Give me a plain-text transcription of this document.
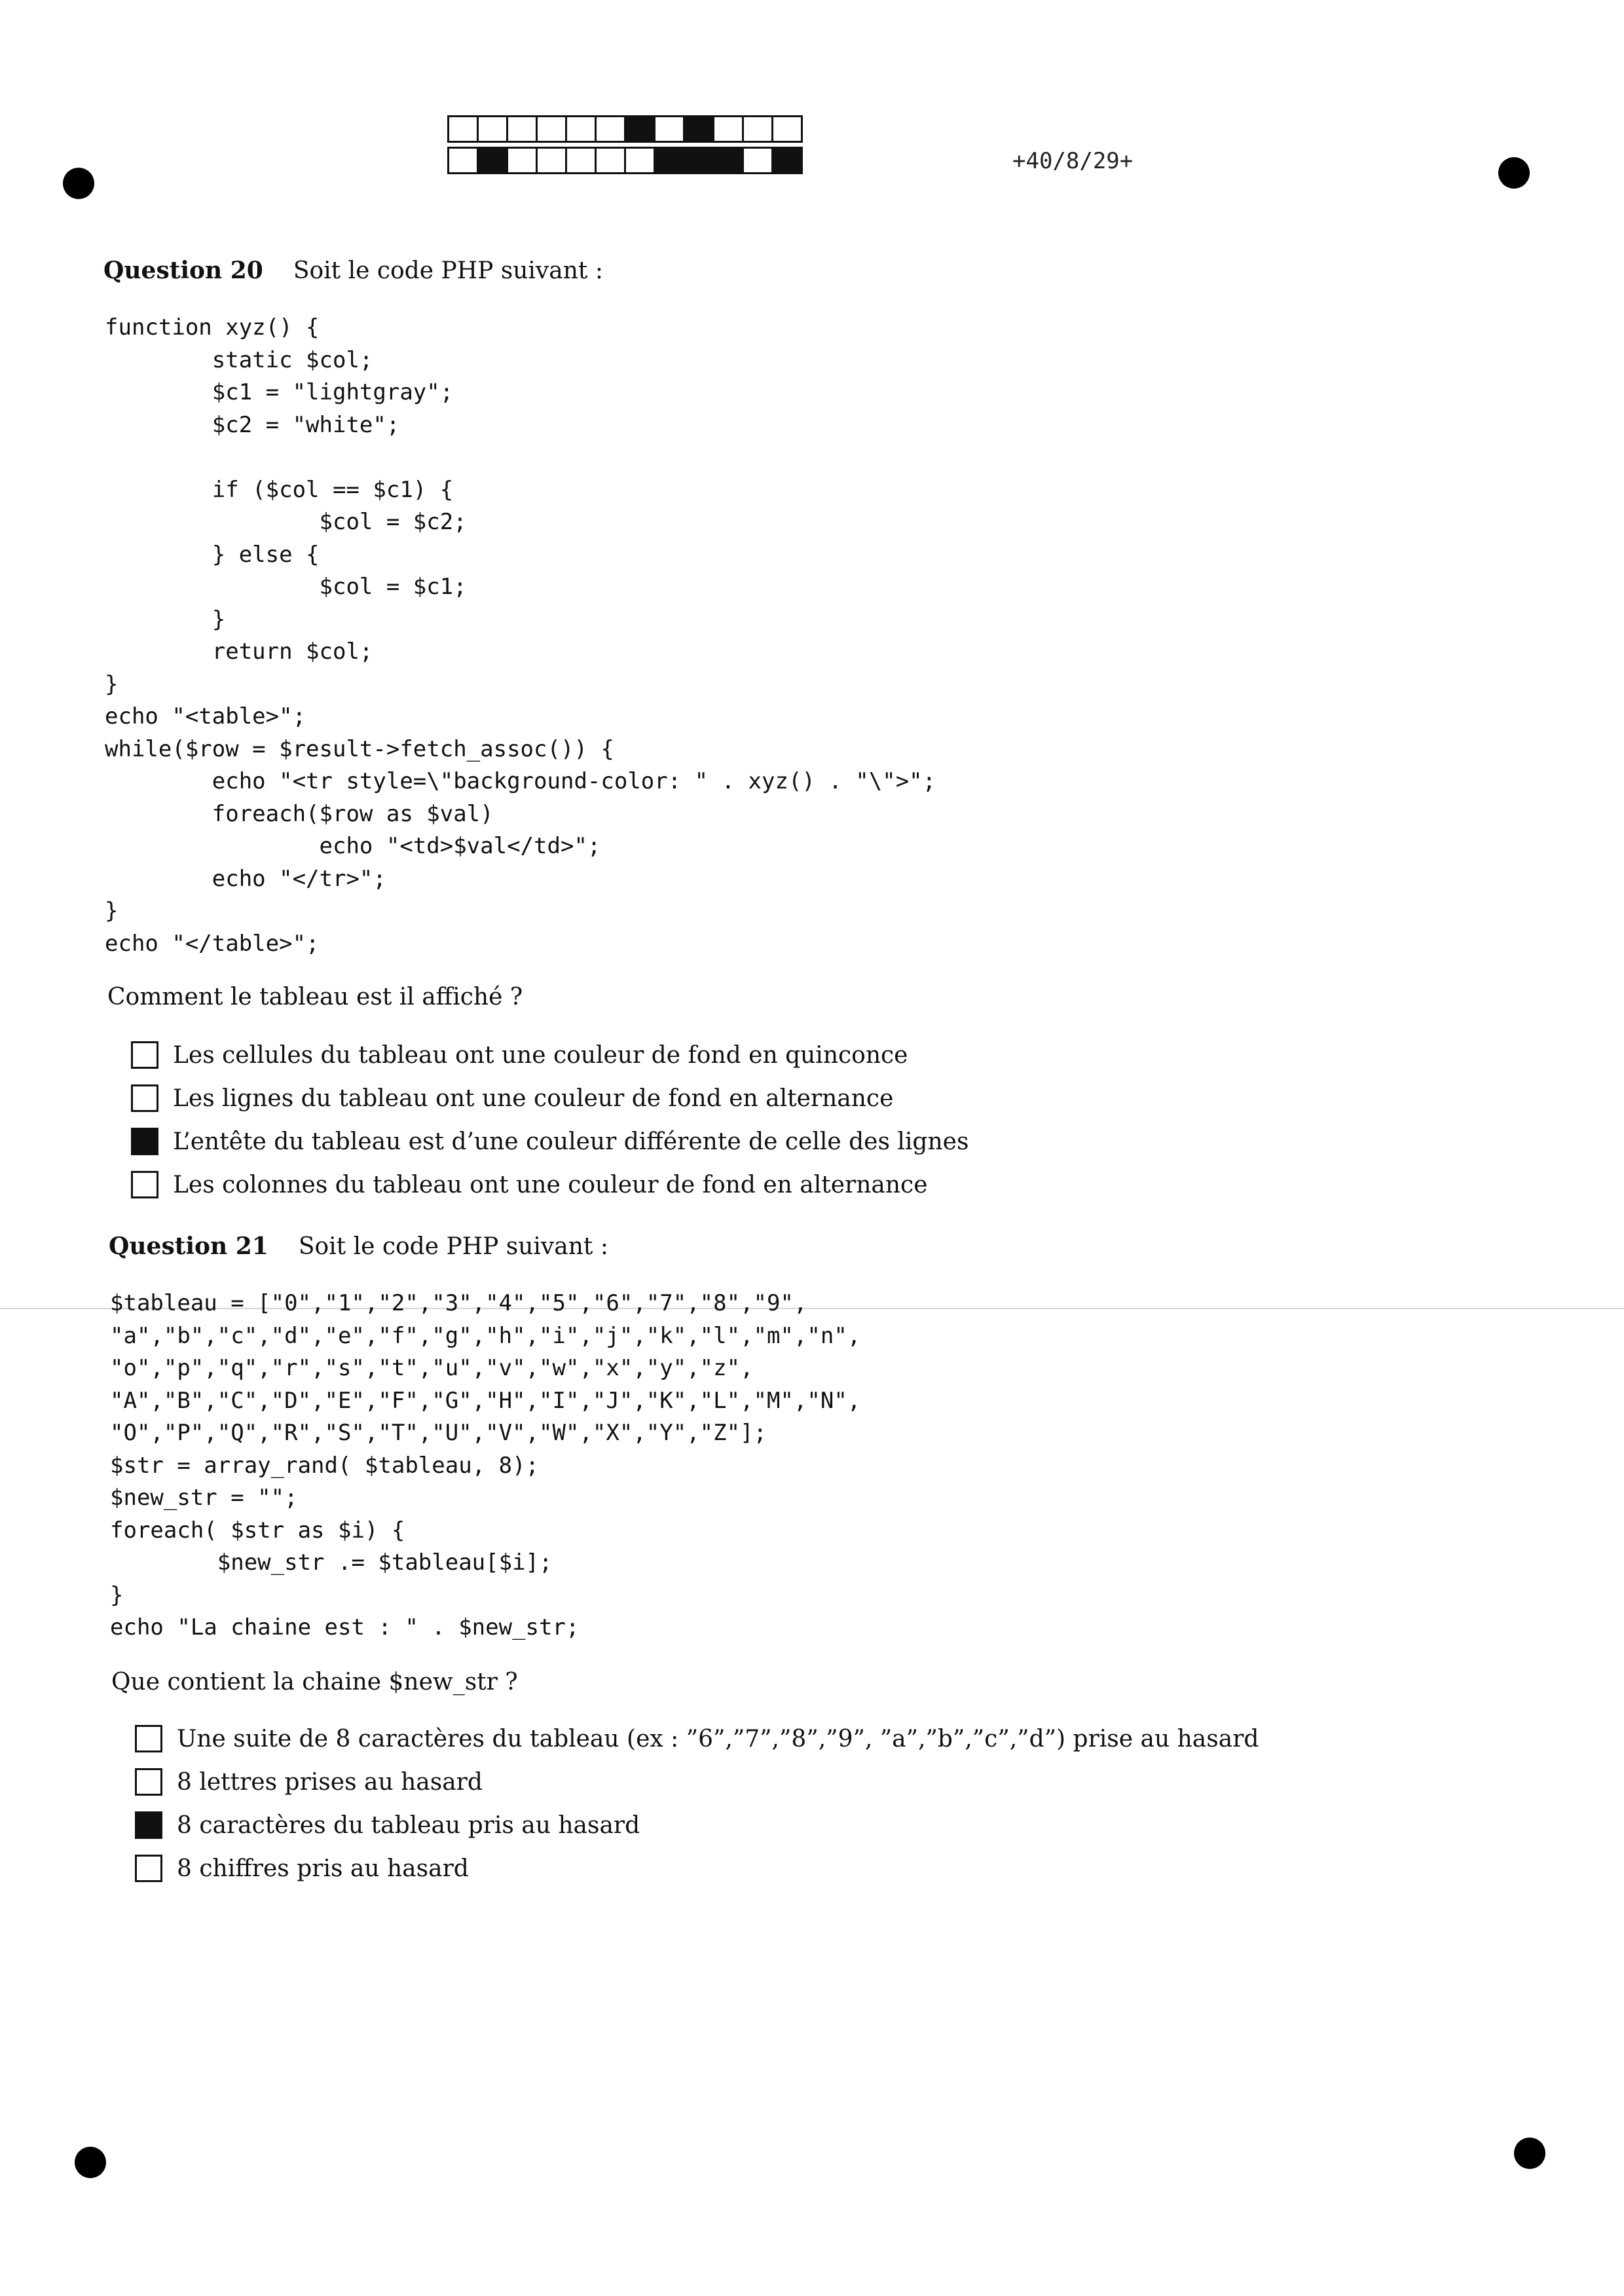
+40/8/29+
Question 20 Soit le code PHP suivant :
function xyz() {
static $col;
$c1 = "lightgray";
$c2 = "white";

if ($col == $c1) {
$col = $c2;
} else {
$col = $c1;
}
return $col;
}
echo "<table>";
while($row = $result->fetch_assoc()) {
echo "<tr style=\"background-color: " . xyz() . "\">";
foreach($row as $val)
echo "<td>$val</td>";
echo "</tr>";
}
echo "</table>";
Comment le tableau est il affiché ?
Les cellules du tableau ont une couleur de fond en quinconce
Les lignes du tableau ont une couleur de fond en alternance
L’entête du tableau est d’une couleur différente de celle des lignes
Les colonnes du tableau ont une couleur de fond en alternance
Question 21 Soit le code PHP suivant :
$tableau = ["0","1","2","3","4","5","6","7","8","9",
"a","b","c","d","e","f","g","h","i","j","k","l","m","n",
"o","p","q","r","s","t","u","v","w","x","y","z",
"A","B","C","D","E","F","G","H","I","J","K","L","M","N",
"O","P","Q","R","S","T","U","V","W","X","Y","Z"];
$str = array_rand( $tableau, 8);
$new_str = "";
foreach( $str as $i) {
$new_str .= $tableau[$i];
}
echo "La chaine est : " . $new_str;
Que contient la chaine $new_str ?
Une suite de 8 caractères du tableau (ex : ”6”,”7”,”8”,”9”, ”a”,”b”,”c”,”d”) prise au hasard
8 lettres prises au hasard
8 caractères du tableau pris au hasard
8 chiffres pris au hasard
